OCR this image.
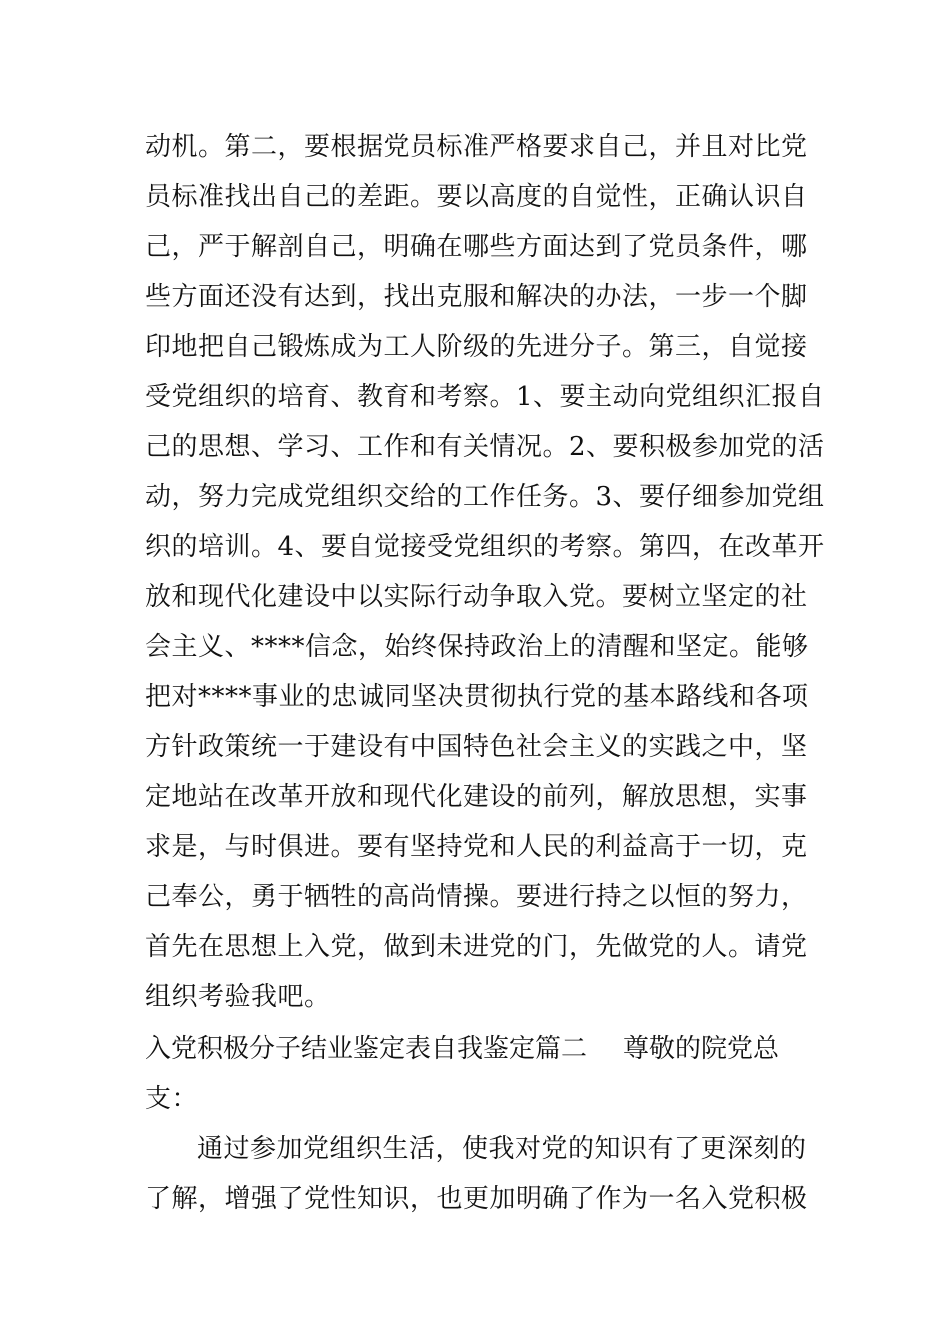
动机。第二，要根据党员标准严格要求自己，并且对比党
员标准找出自己的差距。要以高度的自觉性，正确认识自
己，严于解剖自己，明确在哪些方面达到了党员条件，哪
些方面还没有达到，找出克服和解决的办法，一步一个脚
印地把自己锻炼成为工人阶级的先进分子。第三，自觉接
受党组织的培育、教育和考察。1、要主动向党组织汇报自
己的思想、学习、工作和有关情况。2、要积极参加党的活
动，努力完成党组织交给的工作任务。3、要仔细参加党组
织的培训。4、要自觉接受党组织的考察。第四，在改革开
放和现代化建设中以实际行动争取入党。要树立坚定的社
会主义、****信念，始终保持政治上的清醒和坚定。能够
把对****事业的忠诚同坚决贯彻执行党的基本路线和各项
方针政策统一于建设有中国特色社会主义的实践之中，坚
定地站在改革开放和现代化建设的前列，解放思想，实事
求是，与时俱进。要有坚持党和人民的利益高于一切，克
己奉公，勇于牺牲的高尚情操。要进行持之以恒的努力，
首先在思想上入党，做到未进党的门，先做党的人。请党
组织考验我吧。
入党积极分子结业鉴定表自我鉴定篇二 尊敬的院党总
支：
通过参加党组织生活，使我对党的知识有了更深刻的
了解，增强了党性知识，也更加明确了作为一名入党积极
